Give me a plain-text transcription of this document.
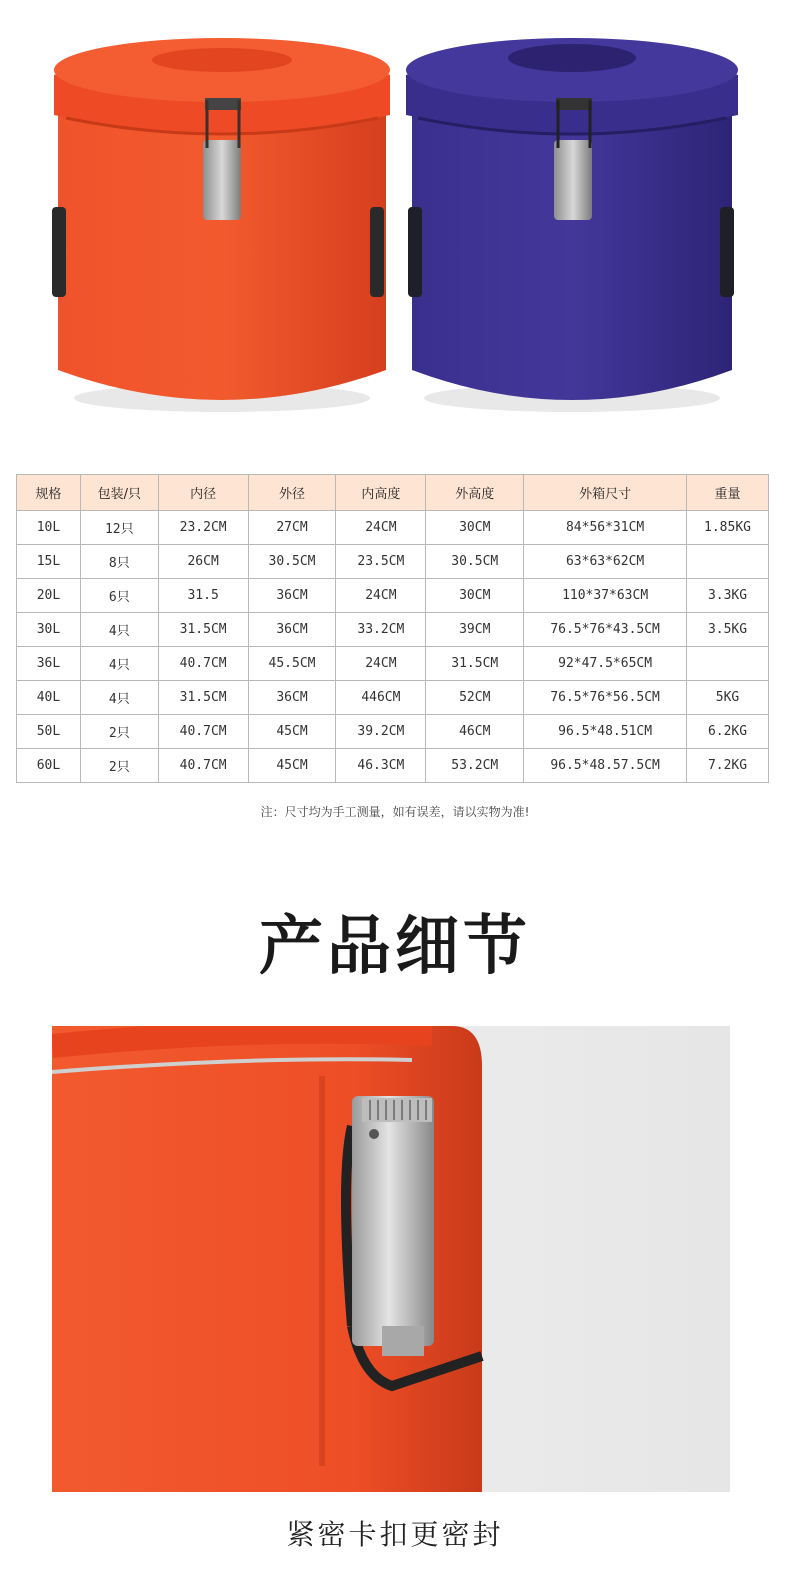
规格	包装/只	内径	外径	内高度	外高度	外箱尺寸	重量
10L	12只	23.2CM	27CM	24CM	30CM	84*56*31CM	1.85KG
15L	8只	26CM	30.5CM	23.5CM	30.5CM	63*63*62CM	
20L	6只	31.5	36CM	24CM	30CM	110*37*63CM	3.3KG
30L	4只	31.5CM	36CM	33.2CM	39CM	76.5*76*43.5CM	3.5KG
36L	4只	40.7CM	45.5CM	24CM	31.5CM	92*47.5*65CM	
40L	4只	31.5CM	36CM	446CM	52CM	76.5*76*56.5CM	5KG
50L	2只	40.7CM	45CM	39.2CM	46CM	96.5*48.51CM	6.2KG
60L	2只	40.7CM	45CM	46.3CM	53.2CM	96.5*48.57.5CM	7.2KG
注：尺寸均为手工测量，如有误差，请以实物为准!
产品细节
紧密卡扣更密封
